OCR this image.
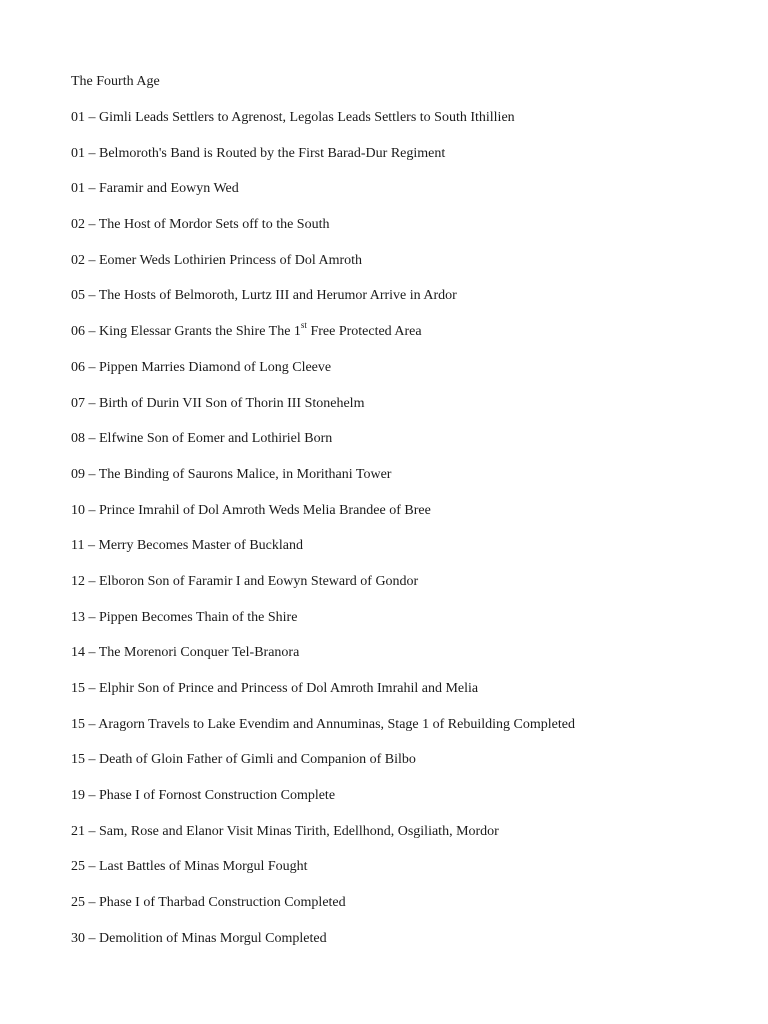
The Fourth Age
01 – Gimli Leads Settlers to Agrenost, Legolas Leads Settlers to South Ithillien
01 – Belmoroth's Band is Routed by the First Barad-Dur Regiment
01 – Faramir and Eowyn Wed
02 – The Host of Mordor Sets off to the South
02 – Eomer Weds Lothirien Princess of Dol Amroth
05 – The Hosts of Belmoroth, Lurtz III and Herumor Arrive in Ardor
06 – King Elessar Grants the Shire The 1st Free Protected Area
06 – Pippen Marries Diamond of Long Cleeve
07 – Birth of Durin VII Son of Thorin III Stonehelm
08 – Elfwine Son of Eomer and Lothiriel Born
09 – The Binding of Saurons Malice, in Morithani Tower
10 – Prince Imrahil of Dol Amroth Weds Melia Brandee of Bree
11 – Merry Becomes Master of Buckland
12 – Elboron Son of Faramir I and Eowyn Steward of Gondor
13 – Pippen Becomes Thain of the Shire
14 – The Morenori Conquer Tel-Branora
15 – Elphir Son of Prince and Princess of Dol Amroth Imrahil and Melia
15 – Aragorn Travels to Lake Evendim and Annuminas, Stage 1 of Rebuilding Completed
15 – Death of Gloin Father of Gimli and Companion of Bilbo
19 – Phase I of Fornost Construction Complete
21 – Sam, Rose and Elanor Visit Minas Tirith, Edellhond, Osgiliath, Mordor
25 – Last Battles of Minas Morgul Fought
25 – Phase I of Tharbad Construction Completed
30 – Demolition of Minas Morgul Completed
